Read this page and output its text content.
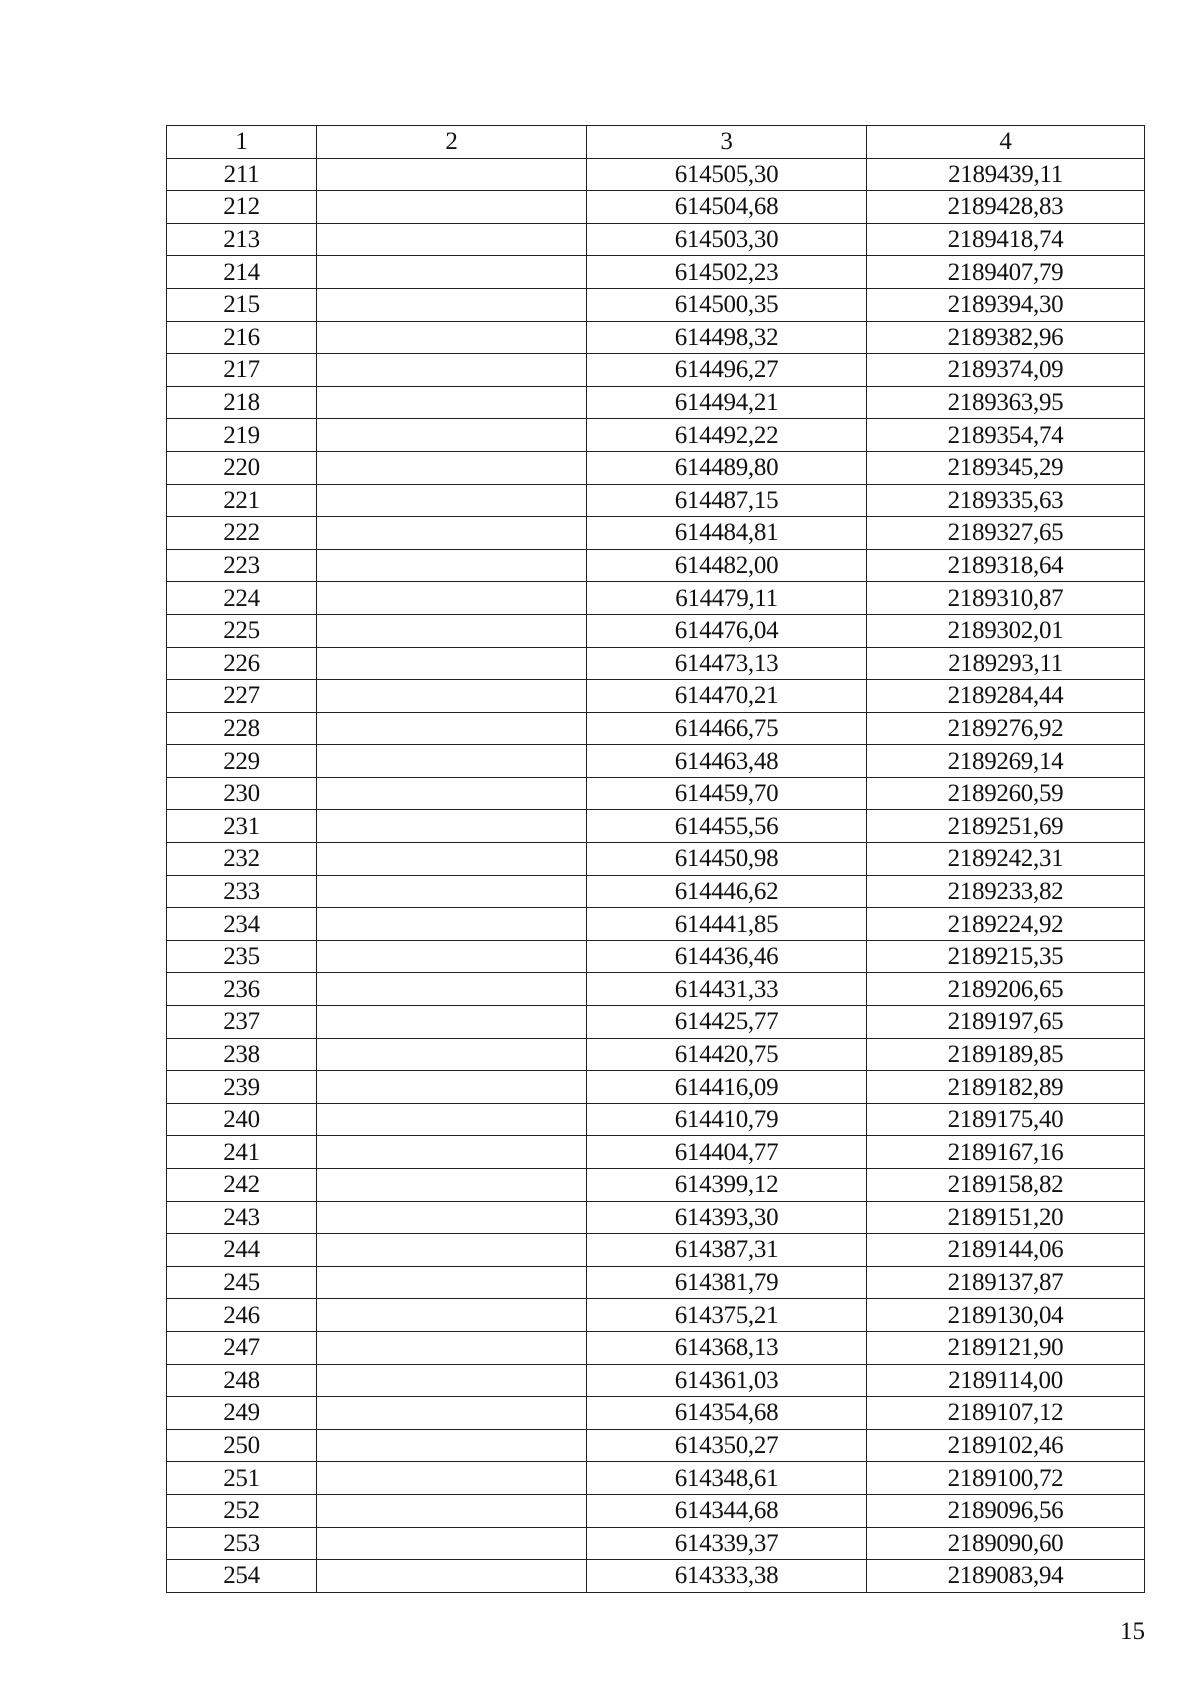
1	2	3	4
211		614505,30	2189439,11
212		614504,68	2189428,83
213		614503,30	2189418,74
214		614502,23	2189407,79
215		614500,35	2189394,30
216		614498,32	2189382,96
217		614496,27	2189374,09
218		614494,21	2189363,95
219		614492,22	2189354,74
220		614489,80	2189345,29
221		614487,15	2189335,63
222		614484,81	2189327,65
223		614482,00	2189318,64
224		614479,11	2189310,87
225		614476,04	2189302,01
226		614473,13	2189293,11
227		614470,21	2189284,44
228		614466,75	2189276,92
229		614463,48	2189269,14
230		614459,70	2189260,59
231		614455,56	2189251,69
232		614450,98	2189242,31
233		614446,62	2189233,82
234		614441,85	2189224,92
235		614436,46	2189215,35
236		614431,33	2189206,65
237		614425,77	2189197,65
238		614420,75	2189189,85
239		614416,09	2189182,89
240		614410,79	2189175,40
241		614404,77	2189167,16
242		614399,12	2189158,82
243		614393,30	2189151,20
244		614387,31	2189144,06
245		614381,79	2189137,87
246		614375,21	2189130,04
247		614368,13	2189121,90
248		614361,03	2189114,00
249		614354,68	2189107,12
250		614350,27	2189102,46
251		614348,61	2189100,72
252		614344,68	2189096,56
253		614339,37	2189090,60
254		614333,38	2189083,94
15
